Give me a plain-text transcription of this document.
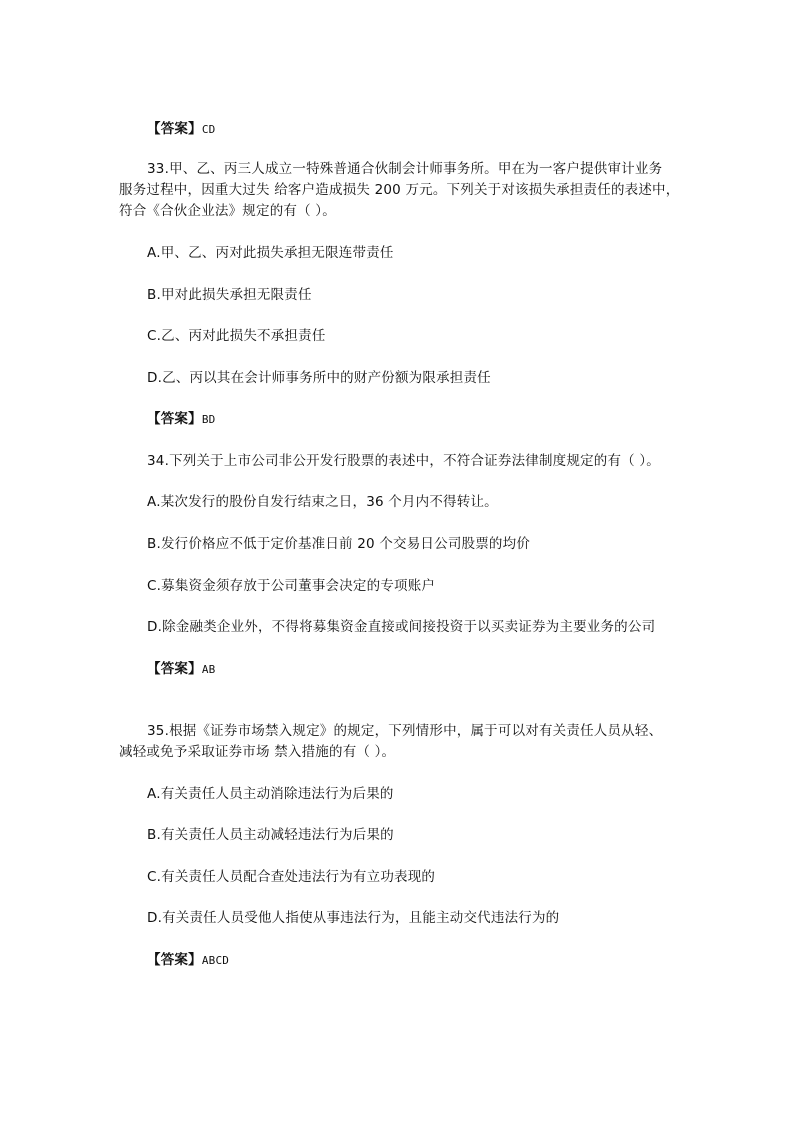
【答案】CD
33.甲、乙、丙三人成立一特殊普通合伙制会计师事务所。甲在为一客户提供审计业务
服务过程中，因重大过失 给客户造成损失 200 万元。下列关于对该损失承担责任的表述中，
符合《合伙企业法》规定的有（ ）。
A.甲、乙、丙对此损失承担无限连带责任
B.甲对此损失承担无限责任
C.乙、丙对此损失不承担责任
D.乙、丙以其在会计师事务所中的财产份额为限承担责任
【答案】BD
34.下列关于上市公司非公开发行股票的表述中，不符合证券法律制度规定的有（ ）。
A.某次发行的股份自发行结束之日，36 个月内不得转让。
B.发行价格应不低于定价基准日前 20 个交易日公司股票的均价
C.募集资金须存放于公司董事会决定的专项账户
D.除金融类企业外，不得将募集资金直接或间接投资于以买卖证券为主要业务的公司
【答案】AB
35.根据《证券市场禁入规定》的规定，下列情形中，属于可以对有关责任人员从轻、
减轻或免予采取证券市场 禁入措施的有（ ）。
A.有关责任人员主动消除违法行为后果的
B.有关责任人员主动减轻违法行为后果的
C.有关责任人员配合查处违法行为有立功表现的
D.有关责任人员受他人指使从事违法行为，且能主动交代违法行为的
【答案】ABCD
